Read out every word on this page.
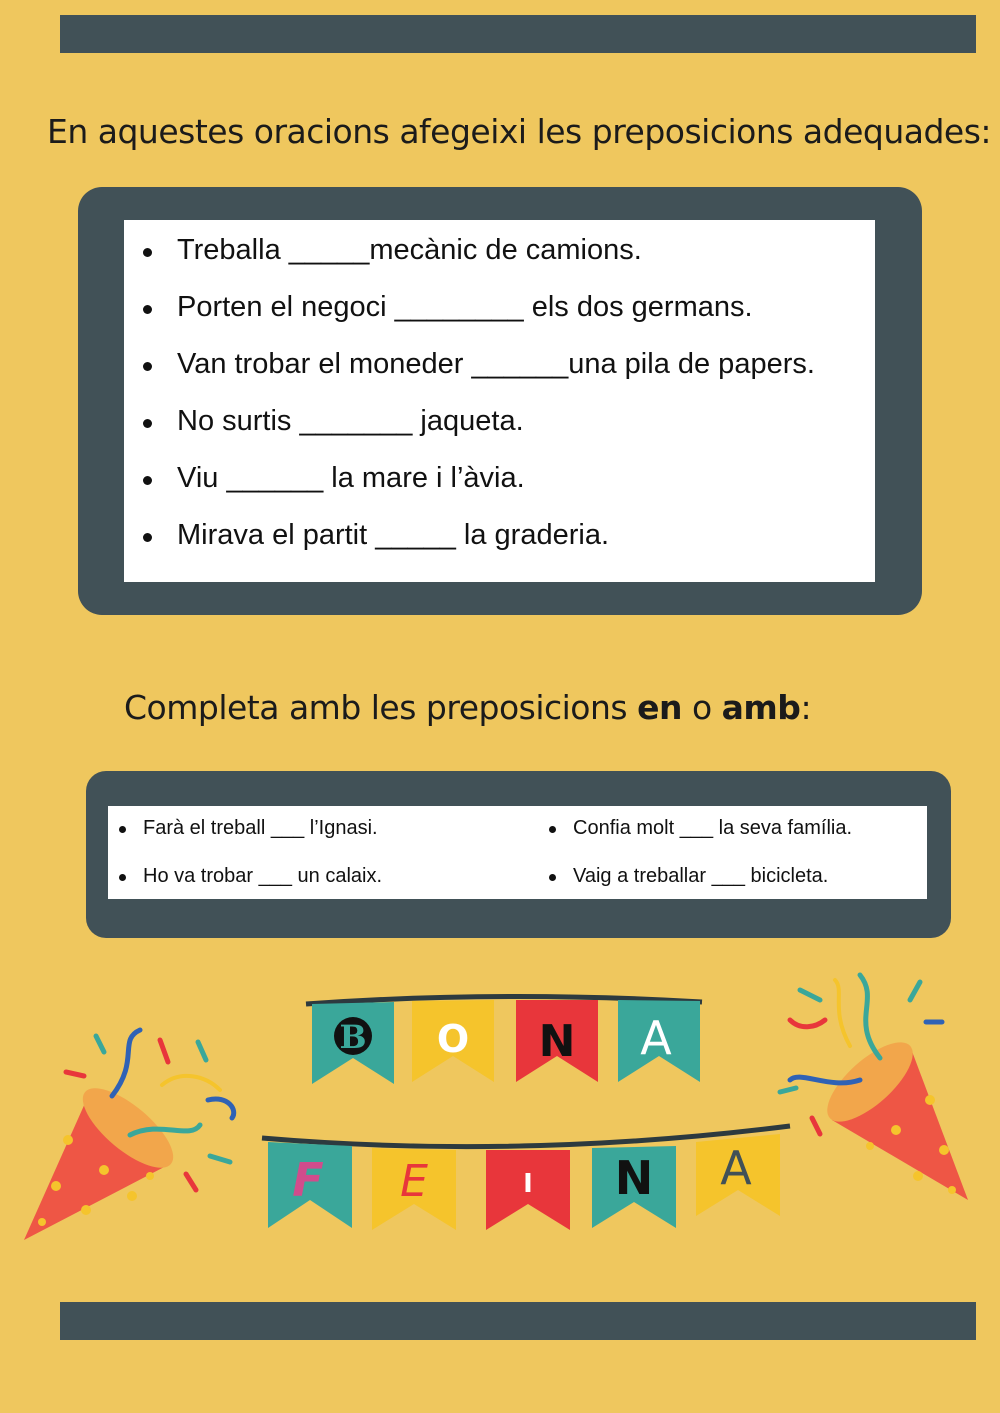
En aquestes oracions afegeixi les preposicions adequades:
Treballa _____mecànic de camions.
Porten el negoci ________ els dos germans.
Van trobar el moneder ______una pila de papers.
No surtis _______ jaqueta.
Viu ______ la mare i l’àvia.
Mirava el partit _____ la graderia.
Completa amb les preposicions en o amb:
Farà el treball ___ l’Ignasi.	Confia molt ___ la seva família.
Ho va trobar ___ un calaix.	Vaig a treballar ___ bicicleta.
B O N A
F E	I N A
